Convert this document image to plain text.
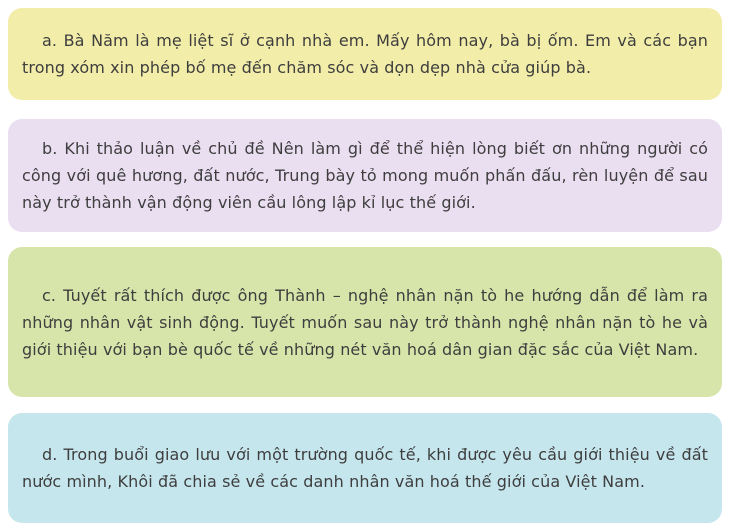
a. Bà Năm là mẹ liệt sĩ ở cạnh nhà em. Mấy hôm nay, bà bị ốm. Em và các bạn trong xóm xin phép bố mẹ đến chăm sóc và dọn dẹp nhà cửa giúp bà.

b. Khi thảo luận về chủ đề Nên làm gì để thể hiện lòng biết ơn những người có công với quê hương, đất nước, Trung bày tỏ mong muốn phấn đấu, rèn luyện để sau này trở thành vận động viên cầu lông lập kỉ lục thế giới.

c. Tuyết rất thích được ông Thành – nghệ nhân nặn tò he hướng dẫn để làm ra những nhân vật sinh động. Tuyết muốn sau này trở thành nghệ nhân nặn tò he và giới thiệu với bạn bè quốc tế về những nét văn hoá dân gian đặc sắc của Việt Nam.

d. Trong buổi giao lưu với một trường quốc tế, khi được yêu cầu giới thiệu về đất nước mình, Khôi đã chia sẻ về các danh nhân văn hoá thế giới của Việt Nam.
